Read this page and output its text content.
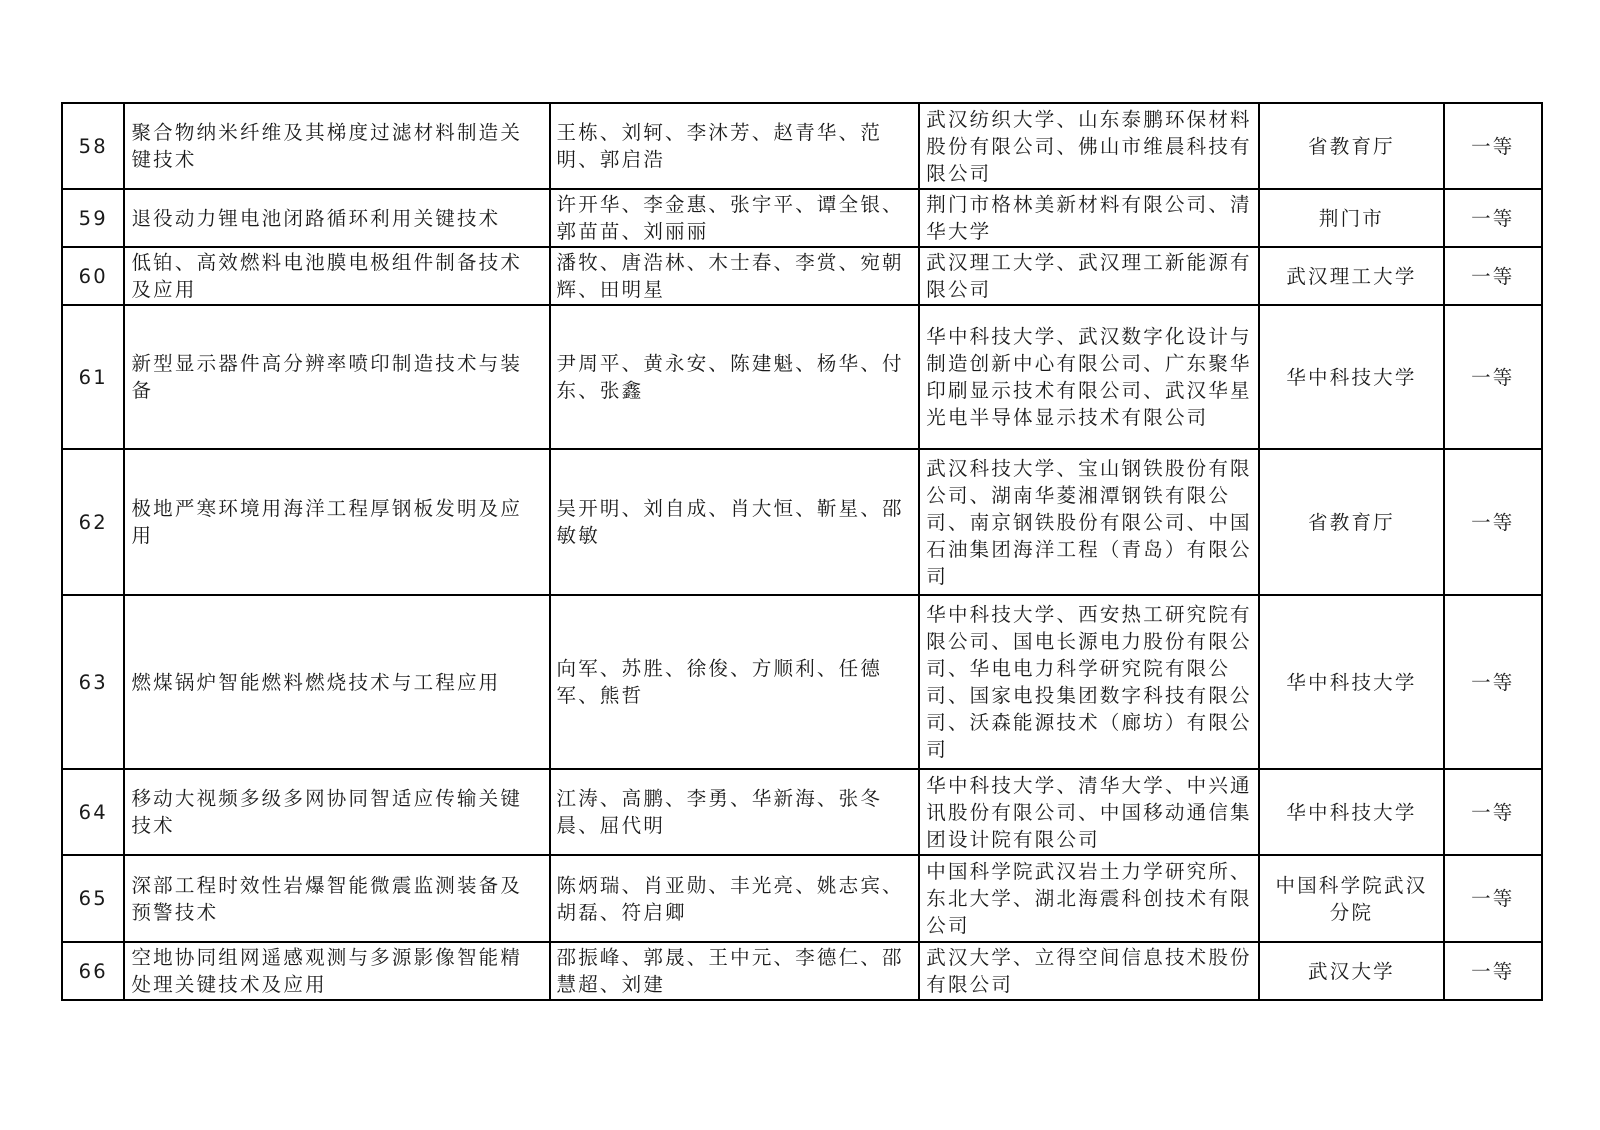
58	聚合物纳米纤维及其梯度过滤材料制造关键技术	王栋、刘轲、李沐芳、赵青华、范明、郭启浩	武汉纺织大学、山东泰鹏环保材料股份有限公司、佛山市维晨科技有限公司	省教育厅	一等
59	退役动力锂电池闭路循环利用关键技术	许开华、李金惠、张宇平、谭全银、郭苗苗、刘丽丽	荆门市格林美新材料有限公司、清华大学	荆门市	一等
60	低铂、高效燃料电池膜电极组件制备技术及应用	潘牧、唐浩林、木士春、李赏、宛朝辉、田明星	武汉理工大学、武汉理工新能源有限公司	武汉理工大学	一等
61	新型显示器件高分辨率喷印制造技术与装备	尹周平、黄永安、陈建魁、杨华、付东、张鑫	华中科技大学、武汉数字化设计与制造创新中心有限公司、广东聚华印刷显示技术有限公司、武汉华星光电半导体显示技术有限公司	华中科技大学	一等
62	极地严寒环境用海洋工程厚钢板发明及应用	吴开明、刘自成、肖大恒、靳星、邵敏敏	武汉科技大学、宝山钢铁股份有限公司、湖南华菱湘潭钢铁有限公司、南京钢铁股份有限公司、中国石油集团海洋工程（青岛）有限公司	省教育厅	一等
63	燃煤锅炉智能燃料燃烧技术与工程应用	向军、苏胜、徐俊、方顺利、任德军、熊哲	华中科技大学、西安热工研究院有限公司、国电长源电力股份有限公司、华电电力科学研究院有限公司、国家电投集团数字科技有限公司、沃森能源技术（廊坊）有限公司	华中科技大学	一等
64	移动大视频多级多网协同智适应传输关键技术	江涛、高鹏、李勇、华新海、张冬晨、屈代明	华中科技大学、清华大学、中兴通讯股份有限公司、中国移动通信集团设计院有限公司	华中科技大学	一等
65	深部工程时效性岩爆智能微震监测装备及预警技术	陈炳瑞、肖亚勋、丰光亮、姚志宾、胡磊、符启卿	中国科学院武汉岩土力学研究所、东北大学、湖北海震科创技术有限公司	中国科学院武汉分院	一等
66	空地协同组网遥感观测与多源影像智能精处理关键技术及应用	邵振峰、郭晟、王中元、李德仁、邵慧超、刘建	武汉大学、立得空间信息技术股份有限公司	武汉大学	一等
